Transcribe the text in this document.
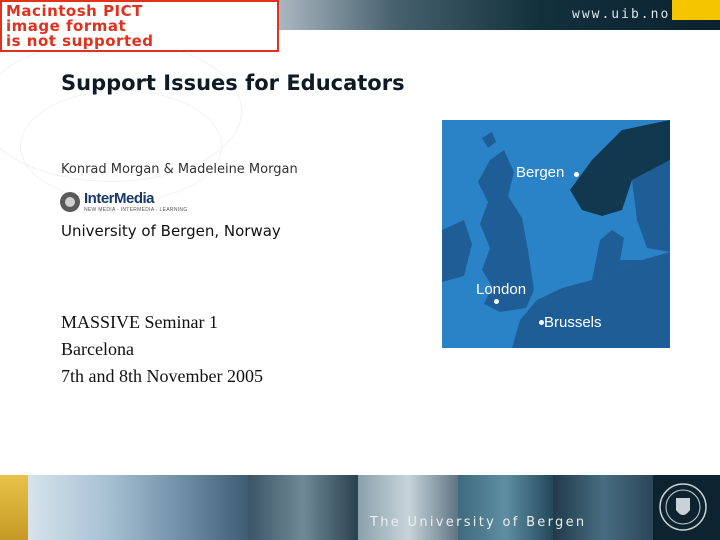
www.uib.no
Macintosh PICT
image format
is not supported
Support Issues for Educators
Konrad Morgan & Madeleine Morgan
InterMedia
NEW MEDIA · INTERMEDIA · LEARNING
University of Bergen, Norway
MASSIVE Seminar 1
Barcelona
7th and 8th November 2005
Bergen
London
Brussels
The University of Bergen
